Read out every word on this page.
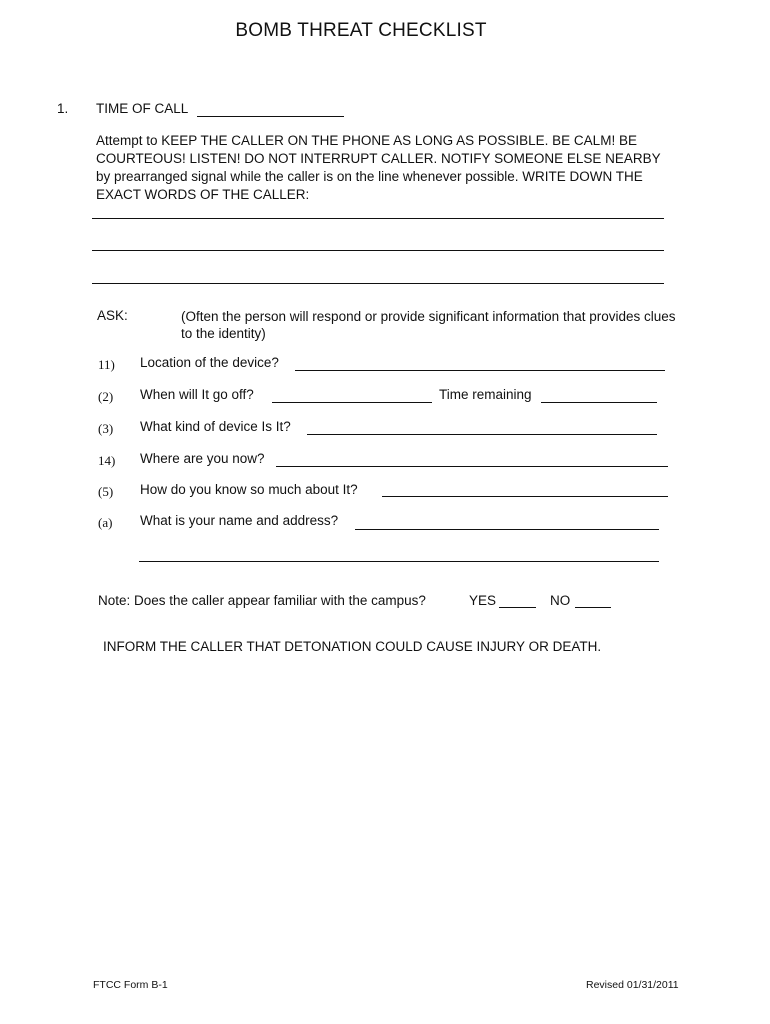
BOMB THREAT CHECKLIST
1. TIME OF CALL
Attempt to KEEP THE CALLER ON THE PHONE AS LONG AS POSSIBLE. BE CALM! BE COURTEOUS! LISTEN! DO NOT INTERRUPT CALLER. NOTIFY SOMEONE ELSE NEARBY by prearranged signal while the caller is on the line whenever possible. WRITE DOWN THE EXACT WORDS OF THE CALLER:
ASK:	(Often the person will respond or provide significant information that provides clues to the identity)
11) Location of the device?
(2) When will It go off?	Time remaining
(3) What kind of device Is It?
14) Where are you now?
(5) How do you know so much about It?
(a) What is your name and address?
Note: Does the caller appear familiar with the campus?	YES	NO
INFORM THE CALLER THAT DETONATION COULD CAUSE INJURY OR DEATH.
FTCC Form B-1	Revised 01/31/2011
